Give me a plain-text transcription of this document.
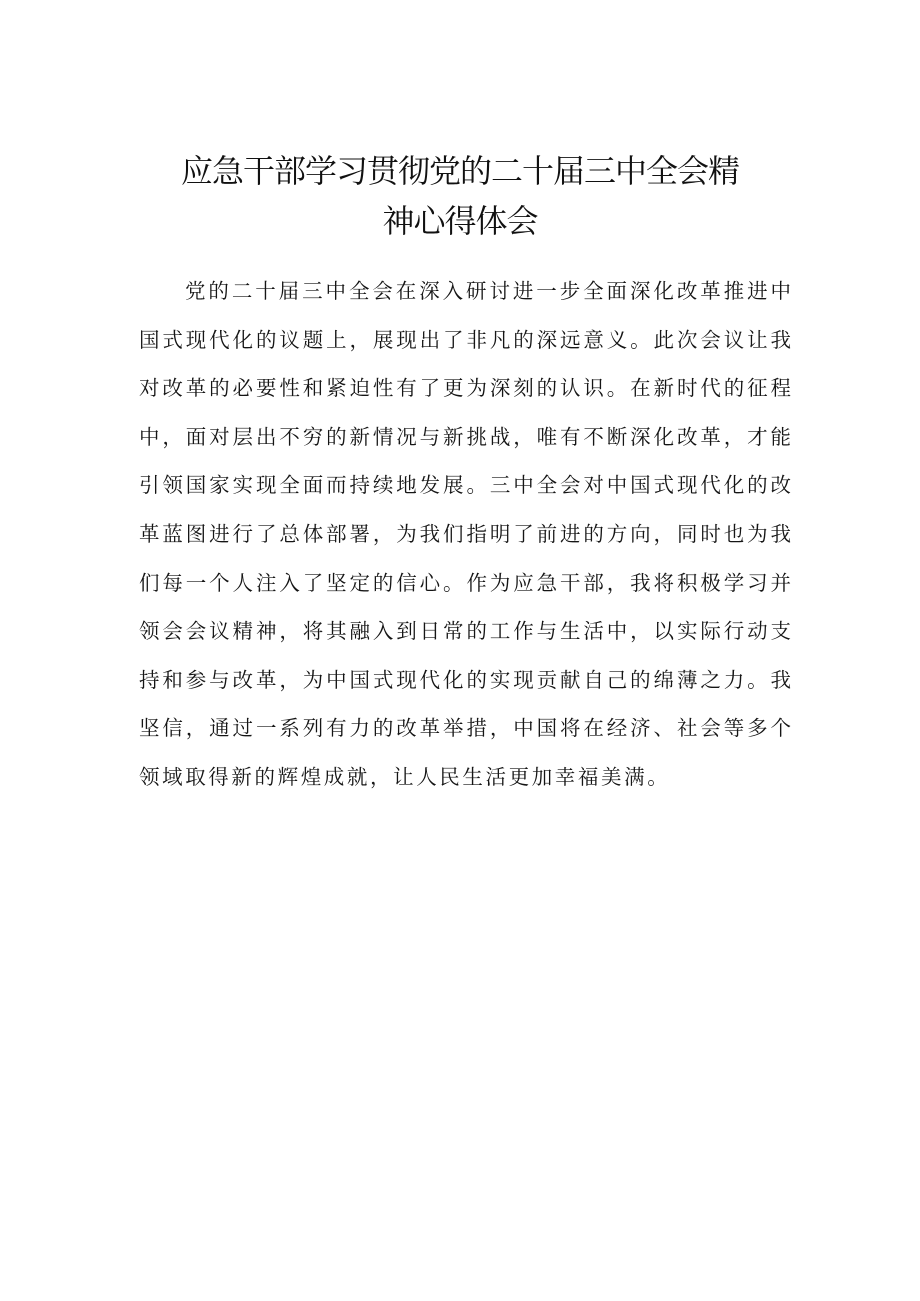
应急干部学习贯彻党的二十届三中全会精
神心得体会
党的二十届三中全会在深入研讨进一步全面深化改革推进中
国式现代化的议题上，展现出了非凡的深远意义。此次会议让我
对改革的必要性和紧迫性有了更为深刻的认识。在新时代的征程
中，面对层出不穷的新情况与新挑战，唯有不断深化改革，才能
引领国家实现全面而持续地发展。三中全会对中国式现代化的改
革蓝图进行了总体部署，为我们指明了前进的方向，同时也为我
们每一个人注入了坚定的信心。作为应急干部，我将积极学习并
领会会议精神，将其融入到日常的工作与生活中，以实际行动支
持和参与改革，为中国式现代化的实现贡献自己的绵薄之力。我
坚信，通过一系列有力的改革举措，中国将在经济、社会等多个
领域取得新的辉煌成就，让人民生活更加幸福美满。
